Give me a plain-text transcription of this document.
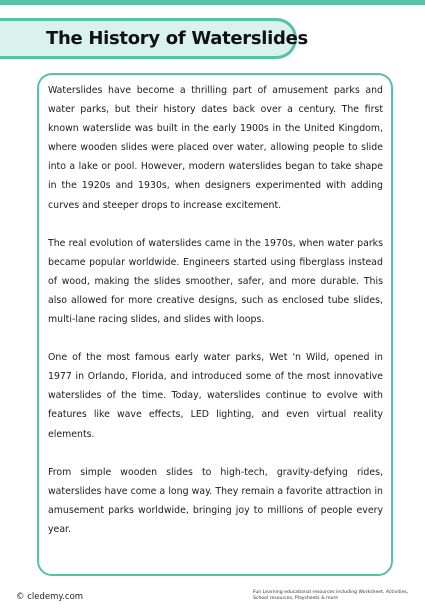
The History of Waterslides

Waterslides have become a thrilling part of amusement parks and water parks, but their history dates back over a century. The first known waterslide was built in the early 1900s in the United Kingdom, where wooden slides were placed over water, allowing people to slide into a lake or pool. However, modern waterslides began to take shape in the 1920s and 1930s, when designers experimented with adding curves and steeper drops to increase excitement.

The real evolution of waterslides came in the 1970s, when water parks became popular worldwide. Engineers started using fiberglass instead of wood, making the slides smoother, safer, and more durable. This also allowed for more creative designs, such as enclosed tube slides, multi-lane racing slides, and slides with loops.

One of the most famous early water parks, Wet 'n Wild, opened in 1977 in Orlando, Florida, and introduced some of the most innovative waterslides of the time. Today, waterslides continue to evolve with features like wave effects, LED lighting, and even virtual reality elements.

From simple wooden slides to high-tech, gravity-defying rides, waterslides have come a long way. They remain a favorite attraction in amusement parks worldwide, bringing joy to millions of people every year.

© cledemy.com	Fun Learning educational resources including Worksheet, Activities, School resources, Playsheets & more
